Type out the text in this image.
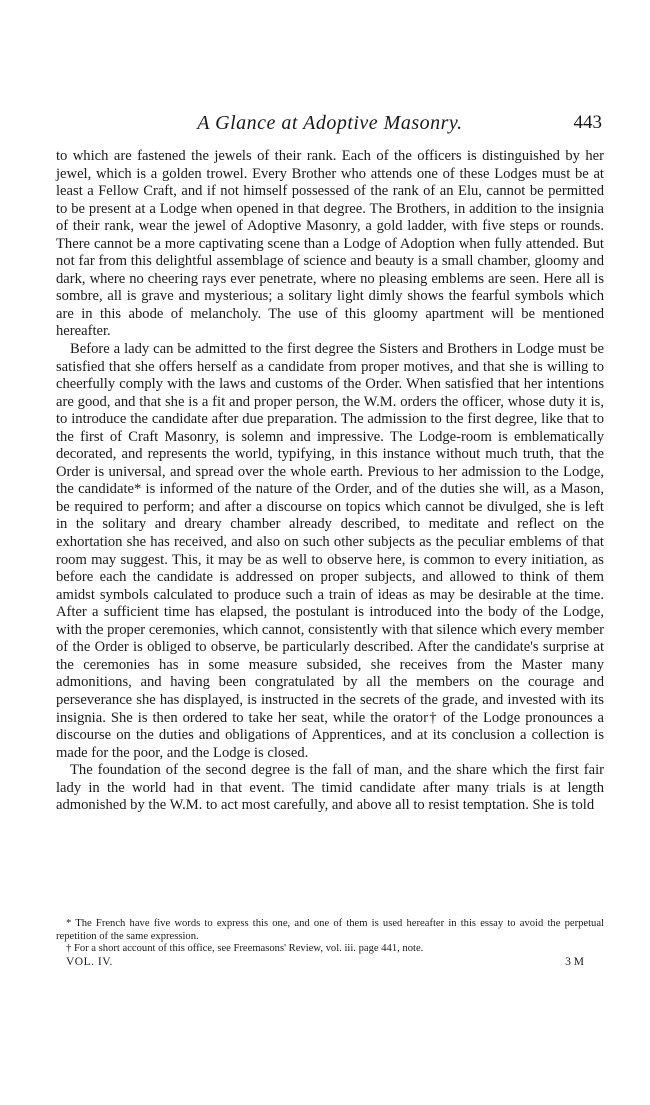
A Glance at Adoptive Masonry.	443

to which are fastened the jewels of their rank. Each of the officers is distinguished by her jewel, which is a golden trowel. Every Brother who attends one of these Lodges must be at least a Fellow Craft, and if not himself possessed of the rank of an Elu, cannot be permitted to be present at a Lodge when opened in that degree. The Brothers, in addition to the insignia of their rank, wear the jewel of Adoptive Masonry, a gold ladder, with five steps or rounds. There cannot be a more captivating scene than a Lodge of Adoption when fully attended. But not far from this delightful assemblage of science and beauty is a small chamber, gloomy and dark, where no cheering rays ever penetrate, where no pleasing emblems are seen. Here all is sombre, all is grave and mysterious; a solitary light dimly shows the fearful symbols which are in this abode of melancholy. The use of this gloomy apartment will be mentioned hereafter.

Before a lady can be admitted to the first degree the Sisters and Brothers in Lodge must be satisfied that she offers herself as a candidate from proper motives, and that she is willing to cheerfully comply with the laws and customs of the Order. When satisfied that her intentions are good, and that she is a fit and proper person, the W.M. orders the officer, whose duty it is, to introduce the candidate after due preparation. The admission to the first degree, like that to the first of Craft Masonry, is solemn and impressive. The Lodge-room is emblematically decorated, and represents the world, typifying, in this instance without much truth, that the Order is universal, and spread over the whole earth. Previous to her admission to the Lodge, the candidate* is informed of the nature of the Order, and of the duties she will, as a Mason, be required to perform; and after a discourse on topics which cannot be divulged, she is left in the solitary and dreary chamber already described, to meditate and reflect on the exhortation she has received, and also on such other subjects as the peculiar emblems of that room may suggest. This, it may be as well to observe here, is common to every initiation, as before each the candidate is addressed on proper subjects, and allowed to think of them amidst symbols calculated to produce such a train of ideas as may be desirable at the time. After a sufficient time has elapsed, the postulant is introduced into the body of the Lodge, with the proper ceremonies, which cannot, consistently with that silence which every member of the Order is obliged to observe, be particularly described. After the candidate's surprise at the ceremonies has in some measure subsided, she receives from the Master many admonitions, and having been congratulated by all the members on the courage and perseverance she has displayed, is instructed in the secrets of the grade, and invested with its insignia. She is then ordered to take her seat, while the orator† of the Lodge pronounces a discourse on the duties and obligations of Apprentices, and at its conclusion a collection is made for the poor, and the Lodge is closed.

The foundation of the second degree is the fall of man, and the share which the first fair lady in the world had in that event. The timid candidate after many trials is at length admonished by the W.M. to act most carefully, and above all to resist temptation. She is told

* The French have five words to express this one, and one of them is used hereafter in this essay to avoid the perpetual repetition of the same expression.

† For a short account of this office, see Freemasons' Review, vol. iii. page 441, note.

VOL. IV.	3 M
